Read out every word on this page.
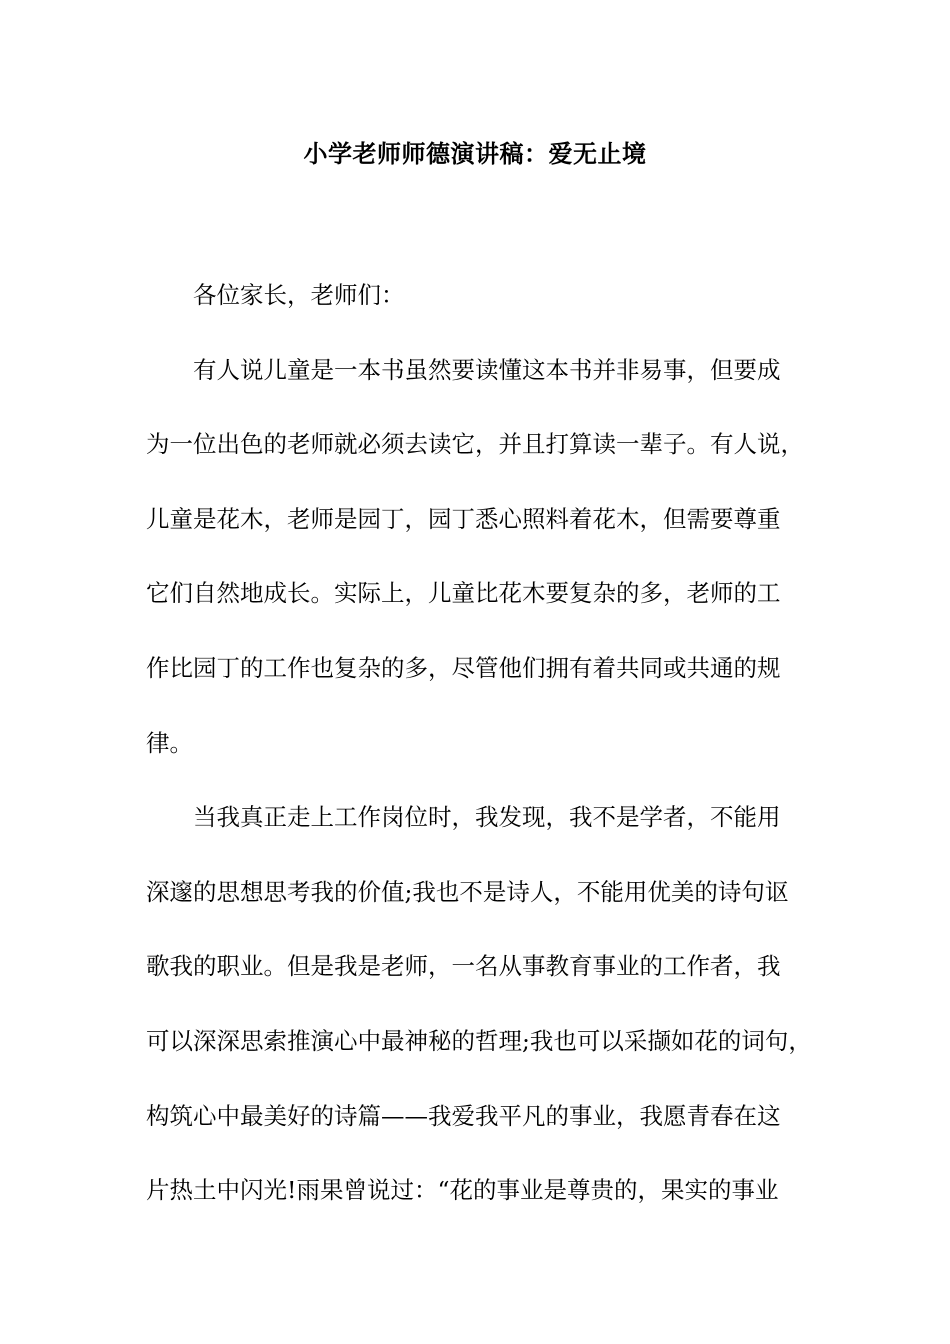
小学老师师德演讲稿：爱无止境
各位家长，老师们：
有人说儿童是一本书虽然要读懂这本书并非易事，但要成
为一位出色的老师就必须去读它，并且打算读一辈子。有人说，
儿童是花木，老师是园丁，园丁悉心照料着花木，但需要尊重
它们自然地成长。实际上，儿童比花木要复杂的多，老师的工
作比园丁的工作也复杂的多，尽管他们拥有着共同或共通的规
律。
当我真正走上工作岗位时，我发现，我不是学者，不能用
深邃的思想思考我的价值;我也不是诗人，不能用优美的诗句讴
歌我的职业。但是我是老师，一名从事教育事业的工作者，我
可以深深思索推演心中最神秘的哲理;我也可以采撷如花的词句，
构筑心中最美好的诗篇——我爱我平凡的事业，我愿青春在这
片热土中闪光!雨果曾说过：“花的事业是尊贵的，果实的事业
